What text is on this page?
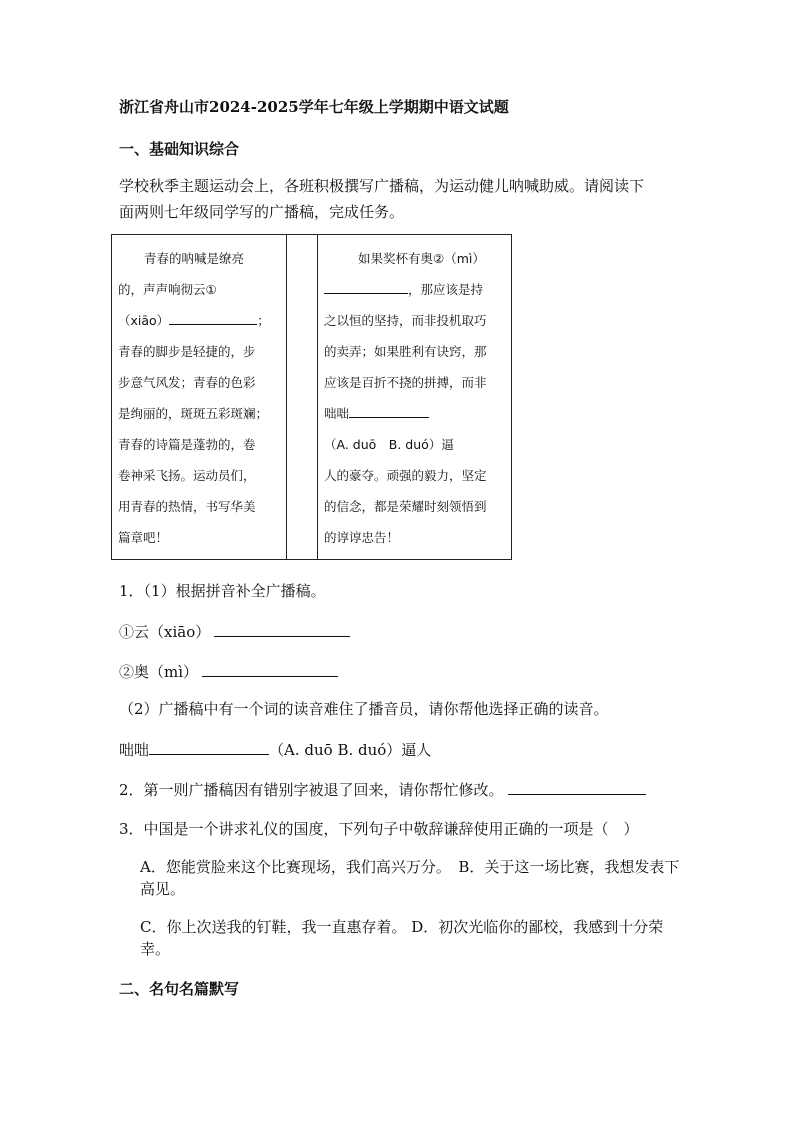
浙江省舟山市2024-2025学年七年级上学期期中语文试题
一、基础知识综合
学校秋季主题运动会上，各班积极撰写广播稿，为运动健儿呐喊助威。请阅读下
面两则七年级同学写的广播稿，完成任务。
青春的呐喊是缭亮
的，声声响彻云①
（xiāo）	；
青春的脚步是轻捷的，步
步意气风发；青春的色彩
是绚丽的，斑斑五彩斑斓；
青春的诗篇是蓬勃的，卷
卷神采飞扬。运动员们，
用青春的热情，书写华美
篇章吧！

如果奖杯有奥②（mì）
，那应该是持
之以恒的坚持，而非投机取巧
的卖弄；如果胜利有诀窍，那
应该是百折不挠的拼搏，而非
咄咄
（A. duō　B. duó）逼
人的豪夺。顽强的毅力，坚定
的信念，都是荣耀时刻领悟到
的谆谆忠告！
1．（1）根据拼音补全广播稿。
①云（xiāo）
②奥（mì）
（2）广播稿中有一个词的读音难住了播音员，请你帮他选择正确的读音。
咄咄	（A. duō B. duó）逼人
2．第一则广播稿因有错别字被退了回来，请你帮忙修改。
3．中国是一个讲求礼仪的国度，下列句子中敬辞谦辞使用正确的一项是（　）
A．您能赏脸来这个比赛现场，我们高兴万分。　B．关于这一场比赛，我想发表下高见。
C．你上次送我的钉鞋，我一直惠存着。 D．初次光临你的鄙校，我感到十分荣幸。
二、名句名篇默写
